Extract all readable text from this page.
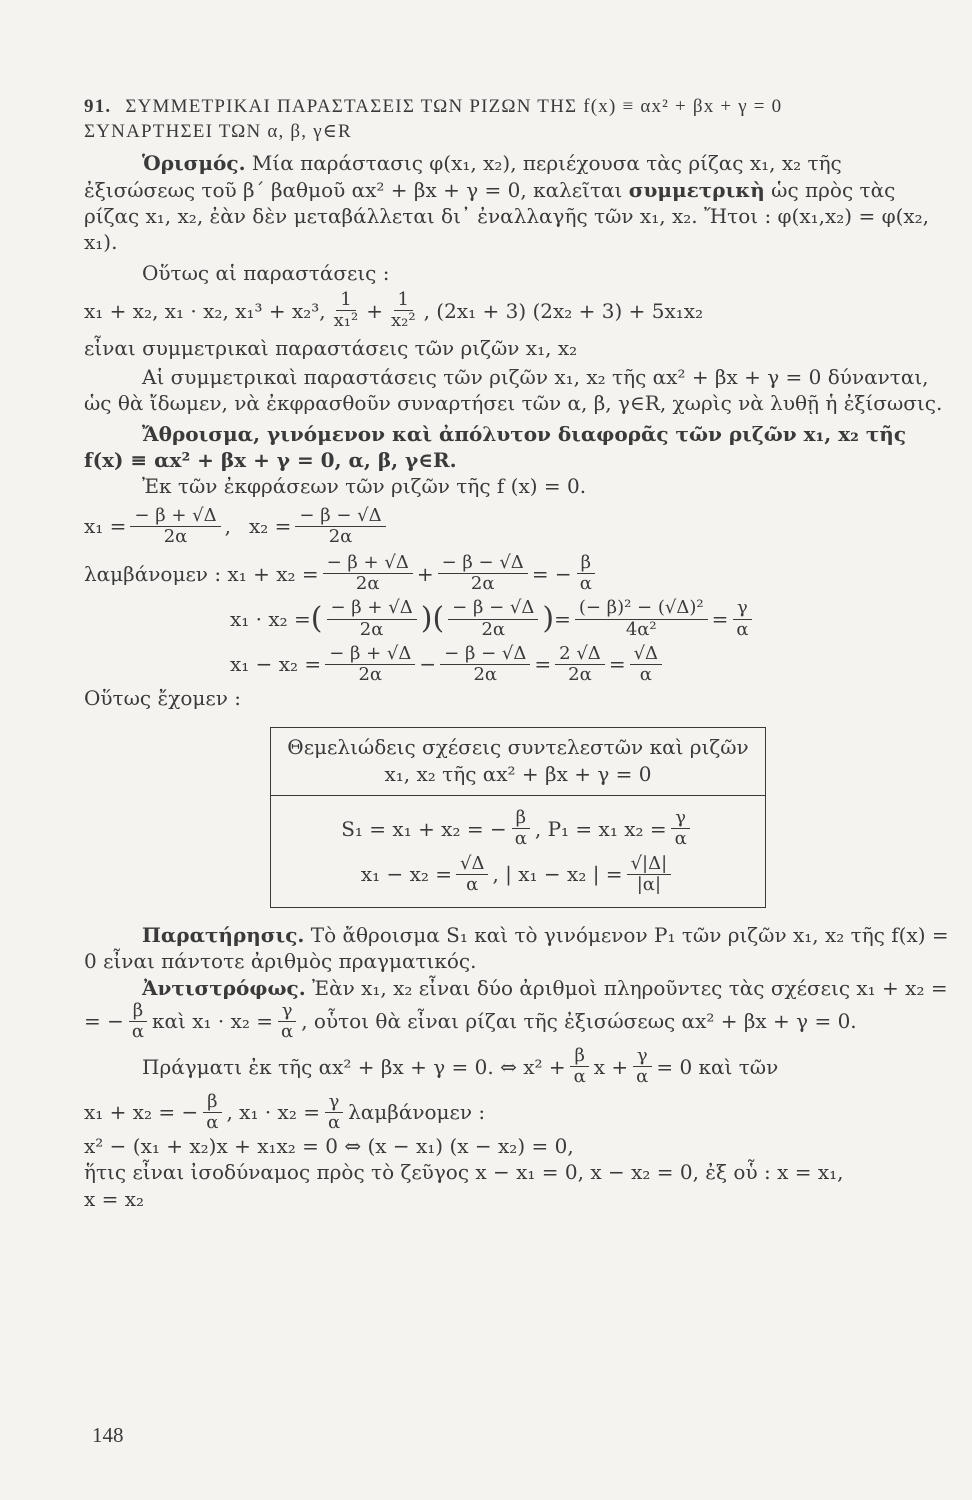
91. ΣΥΜΜΕΤΡΙΚΑΙ ΠΑΡΑΣΤΑΣΕΙΣ ΤΩΝ ΡΙΖΩΝ ΤΗΣ f(x) ≡ αx² + βx + γ = 0
ΣΥΝΑΡΤΗΣΕΙ ΤΩΝ α, β, γ∈R

Ὁρισμός. Μία παράστασις φ(x₁, x₂), περιέχουσα τὰς ρίζας x₁, x₂ τῆς ἐξισώσεως τοῦ β΄ βαθμοῦ αx² + βx + γ = 0, καλεῖται συμμετρικὴ ὡς πρὸς τὰς ρίζας x₁, x₂, ἐὰν δὲν μεταβάλλεται δι᾿ ἐναλλαγῆς τῶν x₁, x₂. Ἤτοι : φ(x₁,x₂) = φ(x₂, x₁).

Οὕτως αἱ παραστάσεις :

x₁ + x₂, x₁ · x₂, x₁³ + x₂³, $\frac{1}{\text{x₁²}} + \frac{1}{\text{x₂²}}$ , (2x₁ + 3) (2x₂ + 3) + 5x₁x₂

εἶναι συμμετρικαὶ παραστάσεις τῶν ριζῶν x₁, x₂

Αἱ συμμετρικαὶ παραστάσεις τῶν ριζῶν x₁, x₂ τῆς αx² + βx + γ = 0 δύνανται, ὡς θὰ ἴδωμεν, νὰ ἐκφρασθοῦν συναρτήσει τῶν α, β, γ∈R, χωρὶς νὰ λυθῇ ἡ ἐξίσωσις.

Ἄθροισμα, γινόμενον καὶ ἀπόλυτον διαφορᾶς τῶν ριζῶν x₁, x₂ τῆς f(x) ≡ αx² + βx + γ = 0, α, β, γ∈R.

Ἐκ τῶν ἐκφράσεων τῶν ριζῶν τῆς f (x) = 0.

$x_1 = \frac{- \beta + √\Delta}{2\alpha}$ , $x_2 = \frac{- \beta - √\Delta}{2\alpha}$
λαμβάνομεν : $x_1 + x_2 = \frac{- \beta + √\Delta}{2\alpha} + \frac{- \beta - √\Delta}{2\alpha}$ = − $\frac{\beta}{\alpha}$
x₁ · x₂ = ( $\frac{- \beta + √\Delta}{2\alpha}$ ) ( $\frac{- \beta - √\Delta}{2\alpha}$ ) = $\frac{\text{(− β)² − (√Δ)²}}{\text{4α²}} = \frac{\gamma}{\alpha}$
$x_1 - x_2 = \frac{- \beta + √\Delta}{2\alpha} - \frac{- \beta - √\Delta}{2\alpha} = \frac{2 √\Delta}{2\alpha} = \frac{√\Delta}{\alpha}$

Οὕτως ἔχομεν :

Θεμελιώδεις σχέσεις συντελεστῶν καὶ ριζῶν
x₁, x₂ τῆς αx² + βx + γ = 0
S₁ = x₁ + x₂ = − $\frac{\beta}{\alpha}$ , P₁ = x₁ $x_2 = \frac{\gamma}{\alpha}$
$x_1 - x_2 = \frac{√\Delta}{\alpha}$ , | x₁ − x₂ | = $\frac{√|\Delta|}{|\alpha|}$

Παρατήρησις. Τὸ ἄθροισμα S₁ καὶ τὸ γινόμενον P₁ τῶν ριζῶν x₁, x₂ τῆς f(x) = 0 εἶναι πάντοτε ἀριθμὸς πραγματικός.

Ἀντιστρόφως. Ἐὰν x₁, x₂ εἶναι δύο ἀριθμοὶ πληροῦντες τὰς σχέσεις x₁ + x₂ =

= − $\frac{\beta}{\alpha}$ καὶ $x_1 \cdot x_2 = \frac{\gamma}{\alpha}$ , οὗτοι θὰ εἶναι ρίζαι τῆς ἐξισώσεως αx² + βx + γ = 0.
Πράγματι ἐκ τῆς αx² + βx + γ = 0. ⇔ $x^2 + \frac{\beta}{\alpha}$ $x + \frac{\gamma}{\alpha} = 0$ καὶ τῶν
x₁ + x₂ = − $\frac{\beta}{\alpha}$ , $x_1 \cdot x_2 = \frac{\gamma}{\alpha}$ λαμβάνομεν :

x² − (x₁ + x₂)x + x₁x₂ = 0 ⇔ (x − x₁) (x − x₂) = 0,

ἥτις εἶναι ἰσοδύναμος πρὸς τὸ ζεῦγος x − x₁ = 0, x − x₂ = 0, ἐξ οὗ : x = x₁,

x = x₂

148
